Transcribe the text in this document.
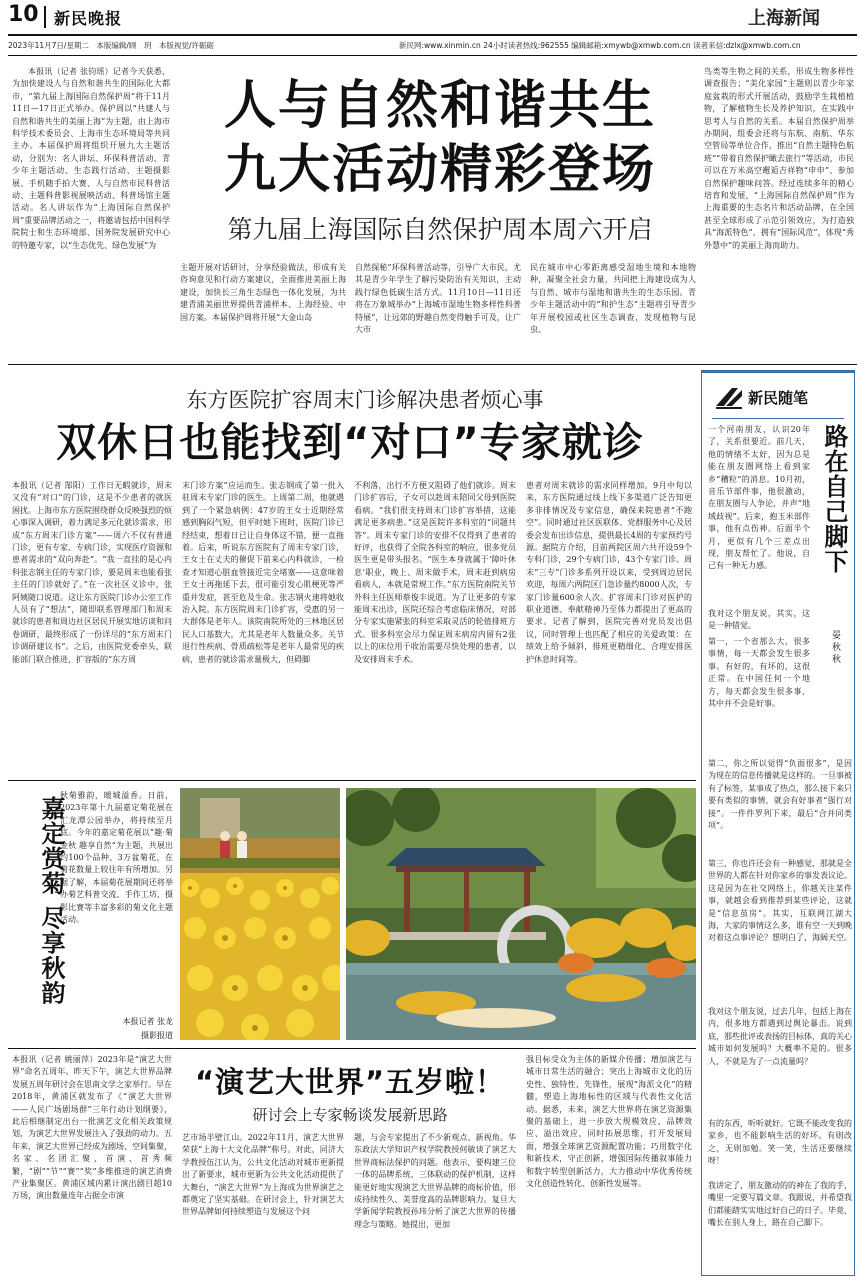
10 新民晚报	上海新闻
2023年11月7日/星期二　本版编辑/顾　玥　本版视觉/许砺砺	新民网:www.xinmin.cn 24小时读者热线:962555 编辑邮箱:xmywb@xmwb.com.cn 读者来信:dzlx@xmwb.com.cn
本报讯（记者 张钧瑶）记者今天获悉，为加快建设人与自然和谐共生的国际化大都市，“第九届上海国际自然保护周”将于11月11日—17日正式举办。保护周以“共建人与自然和谐共生的美丽上海”为主题，由上海市科学技术委员会、上海市生态环境局等共同主办。本届保护周将组织开展九大主题活动，分别为：名人讲坛、环保科普活动、青少年主题活动、生态践行活动、主题摄影展、手机随手拍大赛、人与自然市民科普活动、主题科普影视展映活动、科普场馆主题活动。名人讲坛作为“上海国际自然保护周”重要品牌活动之一，将邀请包括中国科学院院士和生态环境部、国务院发展研究中心的特邀专家，以“生态优先、绿色发展”为
人与自然和谐共生
九大活动精彩登场
第九届上海国际自然保护周本周六开启
主题开展对话研讨，分享经验做法，形成有关咨询意见和行动方案建议，全面推进美丽上海建设，加快长三角生态绿色一体化发展，为共建青浦美丽世界提供青浦样本、上海经验、中国方案。本届保护周将开展“大金山岛
自然探秘”环保科普活动等，引导广大市民，尤其是青少年学生了解污染防治有关知识，主动践行绿色低碳生活方式。11月10日—11日还将在万象城举办“上海城市湿地生物多样性科普特展”，让远郊的野趣自然变得触手可及，让广大市
民在城市中心零距离感受湿地生境和本地物种，凝聚全社会力量，共同把上海建设成为人与自然、城市与湿地和谐共生的生态乐园。青少年主题活动中的“和护生态”主题将引导青少年开展校园或社区生态调查，发现植物与昆虫、
鸟类等生物之间的关系，形成生物多样性调查报告；“美化家园”主题则以青少年家庭盆栽的形式开展活动，鼓励学生栽植植物，了解植物生长及养护知识，在实践中思考人与自然的关系。本届自然保护周举办期间，组委会还将与东航、南航、华东空管局等单位合作，推出“自然主题特色航班”“带着自然保护瞰去旅行”等活动，市民可以在万米高空邂逅吉祥物“申申”、参加自然保护趣味问答。经过连续多年的精心培育和发展，“上海国际自然保护周”作为上海重要的生态名片和活动品牌，在全国甚至全球形成了示范引领效应，为打造独具“海派特色”，拥有“国际风范”，体现“秀外慧中”的美丽上海而助力。
东方医院扩容周末门诊解决患者烦心事
双休日也能找到“对口”专家就诊
本报讯（记者 郜阳）工作日无暇就诊，周末又没有“对口”的门诊，这是不少患者的就医困扰。上海市东方医院围绕群众反映强烈的烦心事深入调研，着力满足多元化就诊需求，形成“东方周末门诊方案”——周六不仅有普通门诊，更有专家、专病门诊，实现医疗资源和患者需求的“双向奔赴”。“我一直挂的是心内科张志钢主任的专家门诊，要是周末也能看张主任的门诊就好了。”在一次社区义诊中，张阿姨随口说道。这让东方医院门诊办公室工作人员有了“想法”，随即联系管理部门和周末就诊的患者和周边社区居民开展实地访谈和问卷调研，最终形成了一份详尽的“东方周末门诊调研建议书”。之后，由医院党委牵头，联能部门联合推进，扩容版的“东方周
末门诊方案”应运而生。张志钢成了第一批入驻周末专家门诊的医生。上周第二周，他就遇到了一个紧急病例：47岁的王女士近期经常感到胸闷气短，但平时她下班时，医院门诊已经结束，想着日已让自身体这不错，便一直拖着。后来，听说东方医院有了周末专家门诊，王女士在丈夫的催促下前来心内科就诊，一检查才知道心脏血管接近完全堵塞——这意味着王女士再拖延下去，很可能引发心肌梗死等严重并发症，甚至危及生命。张志钢火速将她收治入院。东方医院周末门诊扩容，受惠的另一大群体是老年人。该院南院所处的三林地区居民人口基数大，尤其是老年人数量众多。关节退行性疾病、骨质疏松等是老年人最常见的疾病，患者的就诊需求量极大，但碍脚
不利落，出行不方便又阻碍了他们就诊。周末门诊扩容后，子女可以趁周末陪同父母到医院看病。“我们很支持周末门诊扩容举措，这能满足更多病患。”这是医院许多科室的“同题共答”。周末专家门诊的安排不仅得到了患者的好评，也获得了全院各科室的响应，很多党员医生更是带头报名。“医生本身就属于‘障叶休息’职业，晚上、周末做手术，周末赶到病房看病人，本就是常规工作。”东方医院南院关节外科主任医师蔡俊丰说道。为了让更多的专家能周末出诊，医院还综合考虑临床情况，对部分专家实施紧张的科室采取灵活的轮值排班方式。很多科室会尽力保证周末病房内留有2张以上的床位用于收治需要尽快处理的患者，以及安排周末手术。
患者对周末就诊的需求同样增加。9月中旬以来，东方医院通过线上线下多渠道广泛告知更多非排情况及专家信息，确保来院患者“不跑空”。同时通过社区医联体、党群服务中心及居委会发布出诊信息，提供最长4周的专家预约号源。据院方介绍，目前两院区周六共开设59个专科门诊，29个专病门诊，43个专家门诊。周末“三专”门诊多系列开设以来，受到周边居民欢迎，每周六两院区门急诊量约8000人次，专家门诊量600余人次。扩容周末门诊对医护的职业道德、奉献精神乃至体力都提出了更高的要求。记者了解到，医院完善对党员发出倡议，同时管理上也匹配了相应的关爱政策：在绩效上给予倾斜，排班更精细化、合理安排医护休息时间等。
嘉定赏菊 尽享秋韵
秋菊雅韵，暖城溢香。日前，2023年第十九届嘉定菊花展在汇龙潭公园举办，将持续至月底。今年的嘉定菊花展以“趣·菊金秋 趣享自然”为主题，共展出约100个品种、3万盆菊花，在菊花数量上较往年有所增加。另据了解，本届菊花展期间还将举办菊艺科普交流、手作工坊、摄影比赛等丰富多彩的菊文化主题活动。
本报记者 张龙
摄影报道
本报讯（记者 姚丽萍）2023年是“演艺大世界”命名五周年。昨天下午，演艺大世界品牌发展五周年研讨会在思南文学之家举行。早在2018年，黄浦区就发布了《“演艺大世界——人民广场剧场群”三年行动计划纲要》，此后相继制定出台一批演艺文化相关政策规划，为演艺大世界发展注入了强劲的动力。五年来，演艺大世界已经成为剧场、空间集聚，名家、名团汇聚，首演、首秀频繁，“剧”“节”“赛”“奖”多维推进的演艺消费产业集聚区。黄浦区域内累计演出剧目超10万场，演出数量连年占据全市演
“演艺大世界”五岁啦！
研讨会上专家畅谈发展新思路
艺市场半壁江山。2022年11月，演艺大世界荣获“上海十大文化品牌”称号。对此，同济大学教授伍江认为，公共文化活动对城市更新提出了新要求，城市更新为公共文化活动提供了大舞台，“演艺大世界”为上海成为世界演艺之都奠定了坚实基础。在研讨会上，针对演艺大世界品牌如何持续塑造与发展这个问
题，与会专家提出了不少新观点、新视角。华东政法大学知识产权学院教授何敏谈了演艺大世界商标法保护的问题。他表示，要构建三位一体的品牌系统，三体联动的保护机制，这样能更好地实现演艺大世界品牌的商标价值，形成持续性久、美誉度高的品牌影响力。复旦大学新闻学院教授孙玮分析了演艺大世界的传播理念与策略。她提出，更加
强目标受众为主体的新媒介传播；增加演艺与城市日常生活的融合；突出上海城市文化的历史性、独特性、先锋性，展现“海派文化”的精髓，塑造上海地标性的区域与代表性文化活动。据悉，未来，演艺大世界将在演艺资源集聚的基础上，进一步放大规模效应、品牌效应、溢出效应，同时拓展思维，打开发展局面，增强全球演艺资源配置功能；巧用数字化和新技术，守正创新，增强国际传播叙事能力和数字转型创新活力，大力推动中华优秀传统文化创造性转化、创新性发展等。
新民随笔
一个河南朋友，认识20年了，关系很要近。前几天，他的情绪不太好，因为总是能在朋友圈网络上看到家乡“糟粒”的消息。10月初，音乐节部件事，他很激动，在朋友圈与人争论，并声“地域歧视”。后来，抱玉米部件事，他有点伤神。后面半个月，更似有几个三差点出现，朋友帮忙了。他说，自己有一种无力感。	路在自己脚下
我对这个朋友说，其实，这是一种错觉。
晏秋秋
第一，一个省那么大，很多事情，每一天都会发生很多事。有好的，有坏的，这很正常。在中国任何一个地方，每天都会发生很多事，其中并不会是好事。
第二，你之所以觉得“负面很多”，是因为现在的信息传播就是这样的。一旦事被有了标签，某事成了热点，那么接下来只要有类似的事情，就会有好事者“强行对接”。一件件罗列下来，最后“合并同类项”。
第三，你也许还会有一种感觉，那就是全世界的人都在针对你家乡的事发表议论。这是因为在社交网络上，你越关注某件事，就越会看到推荐到某些评论，这就是“信息茧房”。其实，互联网江湖大海，大家的事情这么多，谁有空一天到晚对着这点事评论？想明白了，海阔天空。
我对这个朋友说，过去几年，包括上海在内，很多地方都遇到过舆论暴击。说到底，那些批评或表扬的目标体，真的关心城市如何发展吗？大概率不是的。很多人，不就是为了一点流量吗？
有的东西，听听就好。它既不能改变我的家乡，也不能影响生活的好坏。有则改之，无则加勉。笑一笑，生活还要继续呀！
我讲定了，朋友激动的的神在了我的手，嘴里一定要写篇文章。我跟说，并希望我们都能踏实实地过好自己的日子。毕竟，嘴长在别人身上，路在自己脚下。
